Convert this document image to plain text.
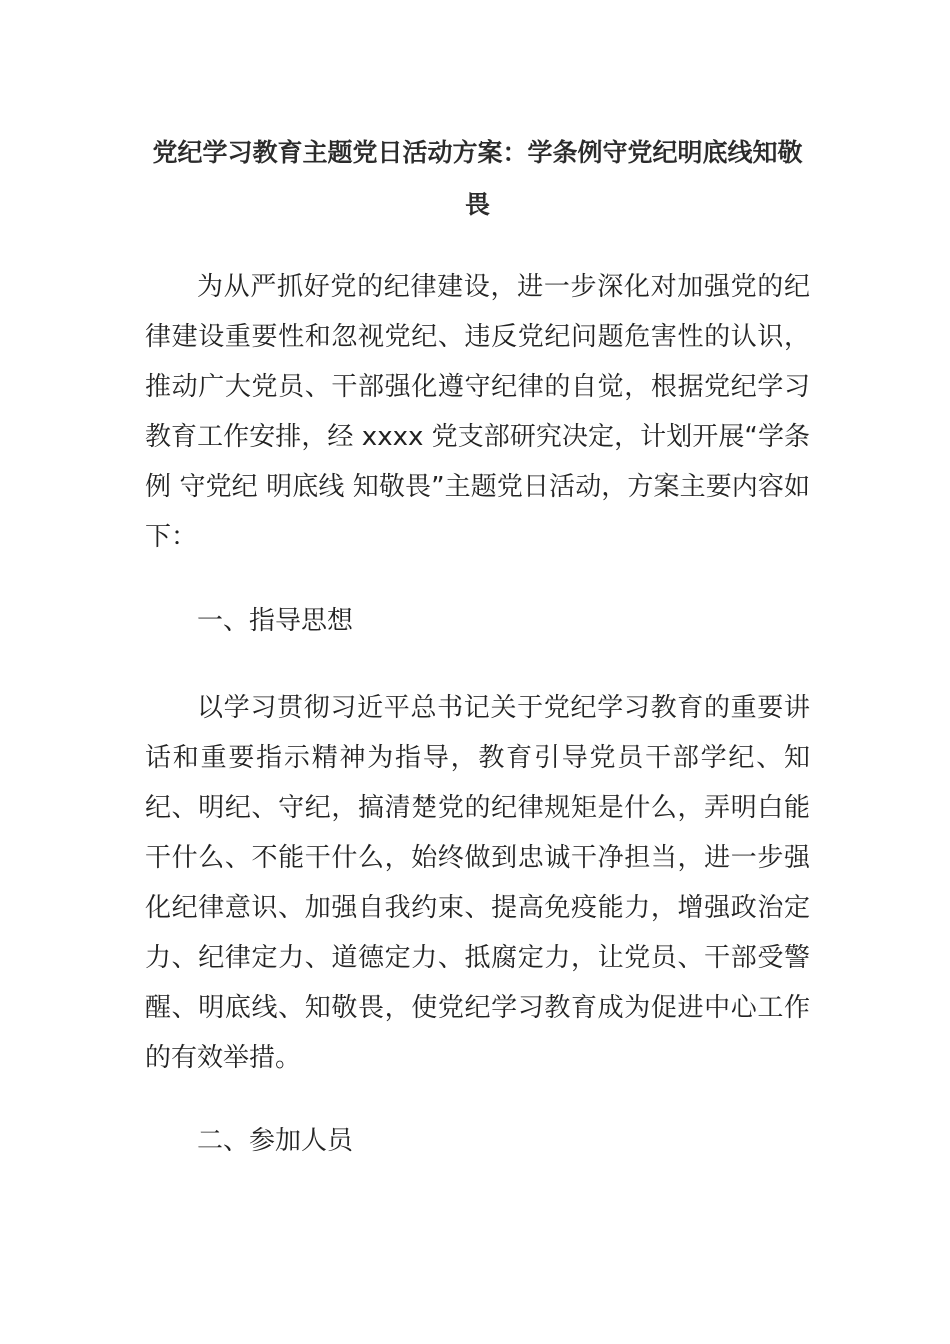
党纪学习教育主题党日活动方案：学条例守党纪明底线知敬畏

为从严抓好党的纪律建设，进一步深化对加强党的纪律建设重要性和忽视党纪、违反党纪问题危害性的认识，推动广大党员、干部强化遵守纪律的自觉，根据党纪学习教育工作安排，经 xxxx 党支部研究决定，计划开展“学条例 守党纪 明底线 知敬畏”主题党日活动，方案主要内容如下：

一、指导思想

以学习贯彻习近平总书记关于党纪学习教育的重要讲话和重要指示精神为指导，教育引导党员干部学纪、知纪、明纪、守纪，搞清楚党的纪律规矩是什么，弄明白能干什么、不能干什么，始终做到忠诚干净担当，进一步强化纪律意识、加强自我约束、提高免疫能力，增强政治定力、纪律定力、道德定力、抵腐定力，让党员、干部受警醒、明底线、知敬畏，使党纪学习教育成为促进中心工作的有效举措。

二、参加人员
